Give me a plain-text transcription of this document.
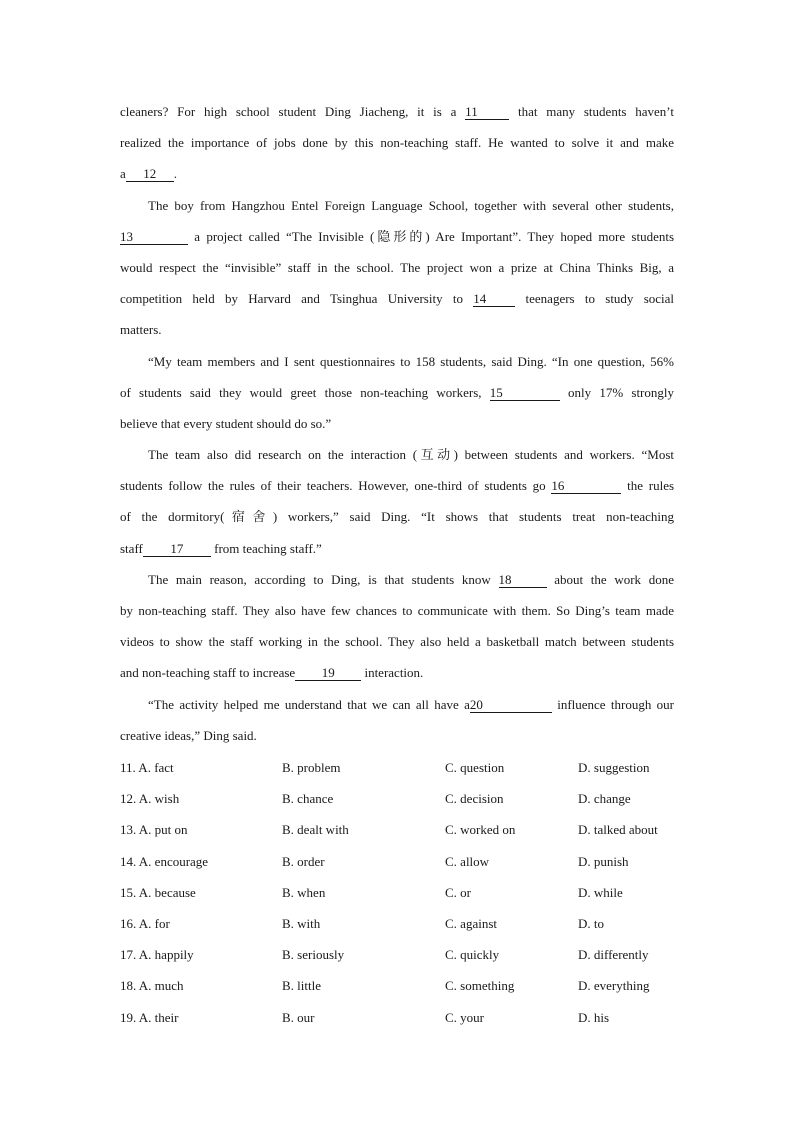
cleaners? For high school student Ding Jiacheng, it is a 11	that many students haven’t
realized the importance of jobs done by this non-teaching staff. He wanted to solve it and make
a 12 .
The boy from Hangzhou Entel Foreign Language School, together with several other students,
13	a project called “The Invisible (隐形的) Are Important”. They hoped more students
would respect the “invisible” staff in the school. The project won a prize at China Thinks Big, a
competition held by Harvard and Tsinghua University to 14	teenagers to study social
matters.
“My team members and I sent questionnaires to 158 students, said Ding. “In one question, 56%
of students said they would greet those non-teaching workers, 15	only 17% strongly
believe that every student should do so.”
The team also did research on the interaction (互动) between students and workers. “Most
students follow the rules of their teachers. However, one-third of students go 16	the rules
of the dormitory(宿舍) workers,” said Ding. “It shows that students treat non-teaching
staff 17 from teaching staff.”
The main reason, according to Ding, is that students know 18	about the work done
by non-teaching staff. They also have few chances to communicate with them. So Ding’s team made
videos to show the staff working in the school. They also held a basketball match between students
and non-teaching staff to increase 19 interaction.
“The activity helped me understand that we can all have a20	influence through our
creative ideas,” Ding said.
11. A. fact	B. problem	C. question	D. suggestion
12. A. wish	B. chance	C. decision	D. change
13. A. put on	B. dealt with	C. worked on	D. talked about
14. A. encourage	B. order	C. allow	D. punish
15. A. because	B. when	C. or	D. while
16. A. for	B. with	C. against	D. to
17. A. happily	B. seriously	C. quickly	D. differently
18. A. much	B. little	C. something	D. everything
19. A. their	B. our	C. your	D. his
